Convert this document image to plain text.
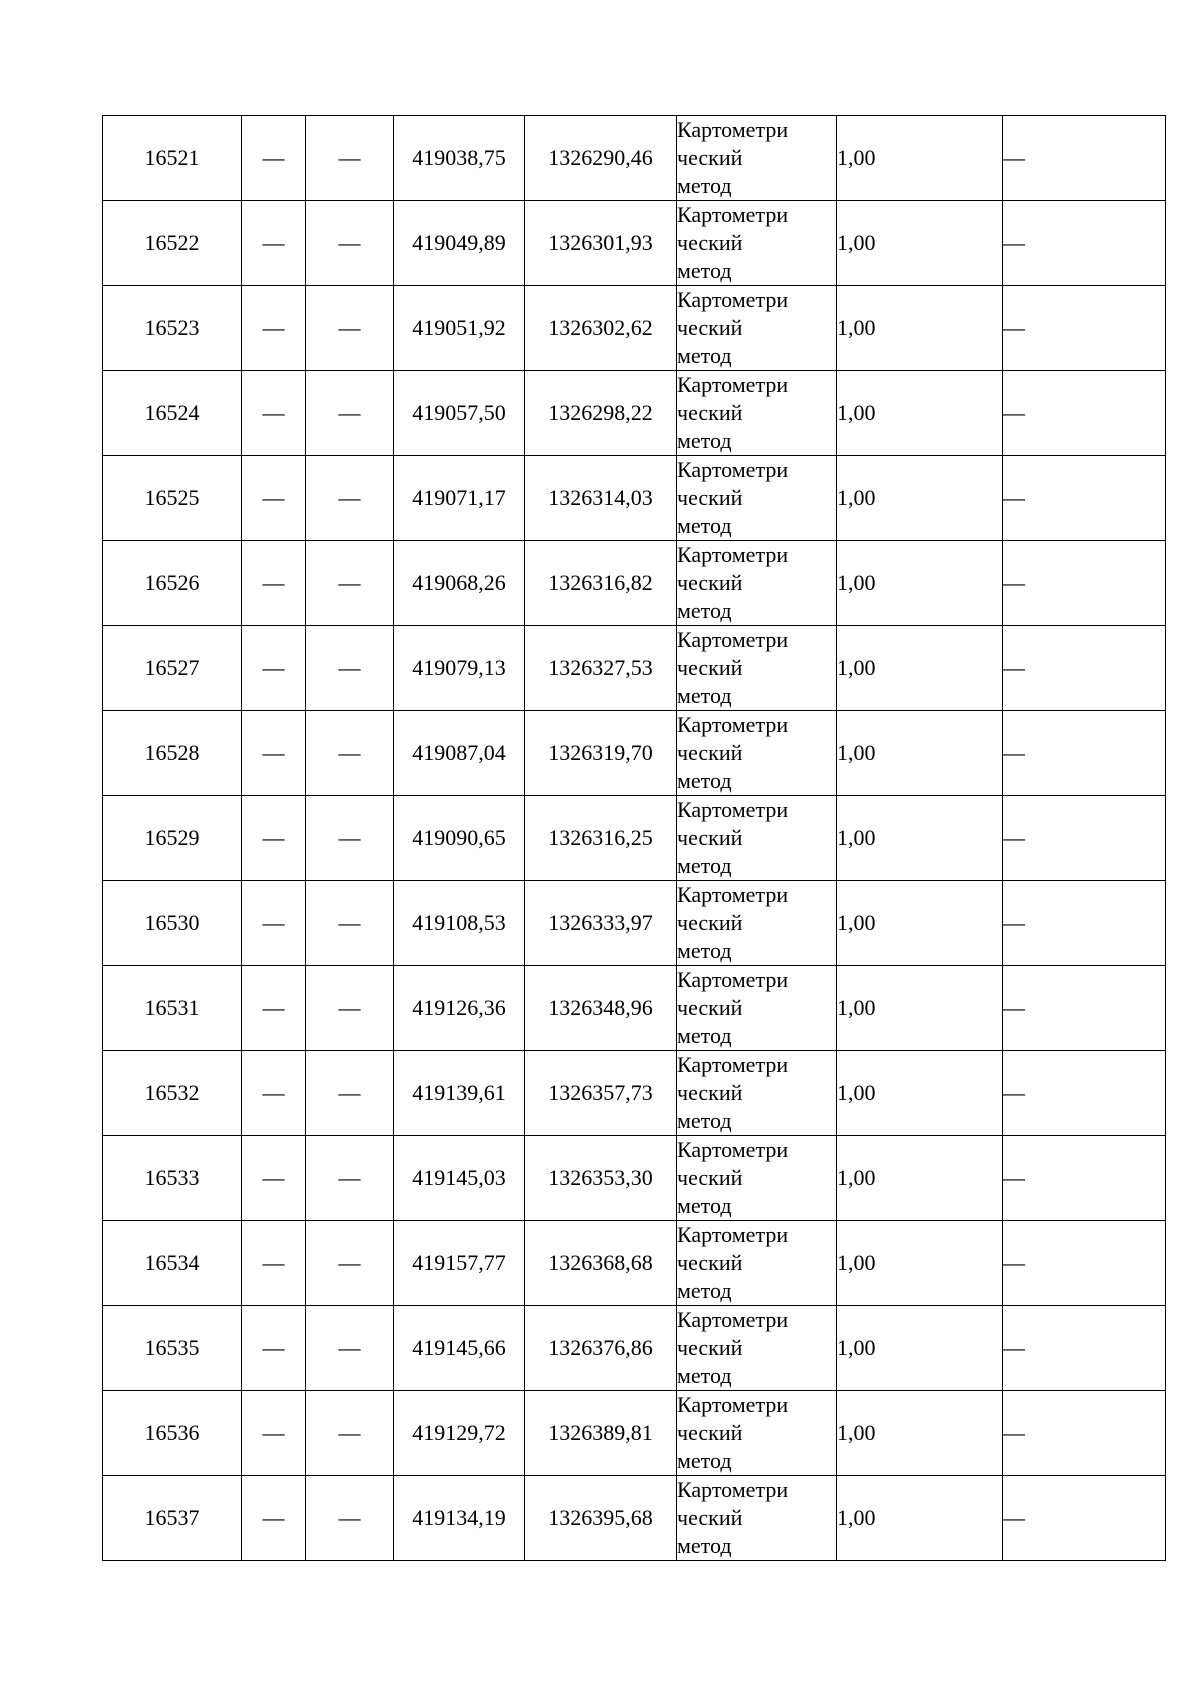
16521	—	—	419038,75	1326290,46	Картометри
ческий
метод	1,00	—
16522	—	—	419049,89	1326301,93	Картометри
ческий
метод	1,00	—
16523	—	—	419051,92	1326302,62	Картометри
ческий
метод	1,00	—
16524	—	—	419057,50	1326298,22	Картометри
ческий
метод	1,00	—
16525	—	—	419071,17	1326314,03	Картометри
ческий
метод	1,00	—
16526	—	—	419068,26	1326316,82	Картометри
ческий
метод	1,00	—
16527	—	—	419079,13	1326327,53	Картометри
ческий
метод	1,00	—
16528	—	—	419087,04	1326319,70	Картометри
ческий
метод	1,00	—
16529	—	—	419090,65	1326316,25	Картометри
ческий
метод	1,00	—
16530	—	—	419108,53	1326333,97	Картометри
ческий
метод	1,00	—
16531	—	—	419126,36	1326348,96	Картометри
ческий
метод	1,00	—
16532	—	—	419139,61	1326357,73	Картометри
ческий
метод	1,00	—
16533	—	—	419145,03	1326353,30	Картометри
ческий
метод	1,00	—
16534	—	—	419157,77	1326368,68	Картометри
ческий
метод	1,00	—
16535	—	—	419145,66	1326376,86	Картометри
ческий
метод	1,00	—
16536	—	—	419129,72	1326389,81	Картометри
ческий
метод	1,00	—
16537	—	—	419134,19	1326395,68	Картометри
ческий
метод	1,00	—
